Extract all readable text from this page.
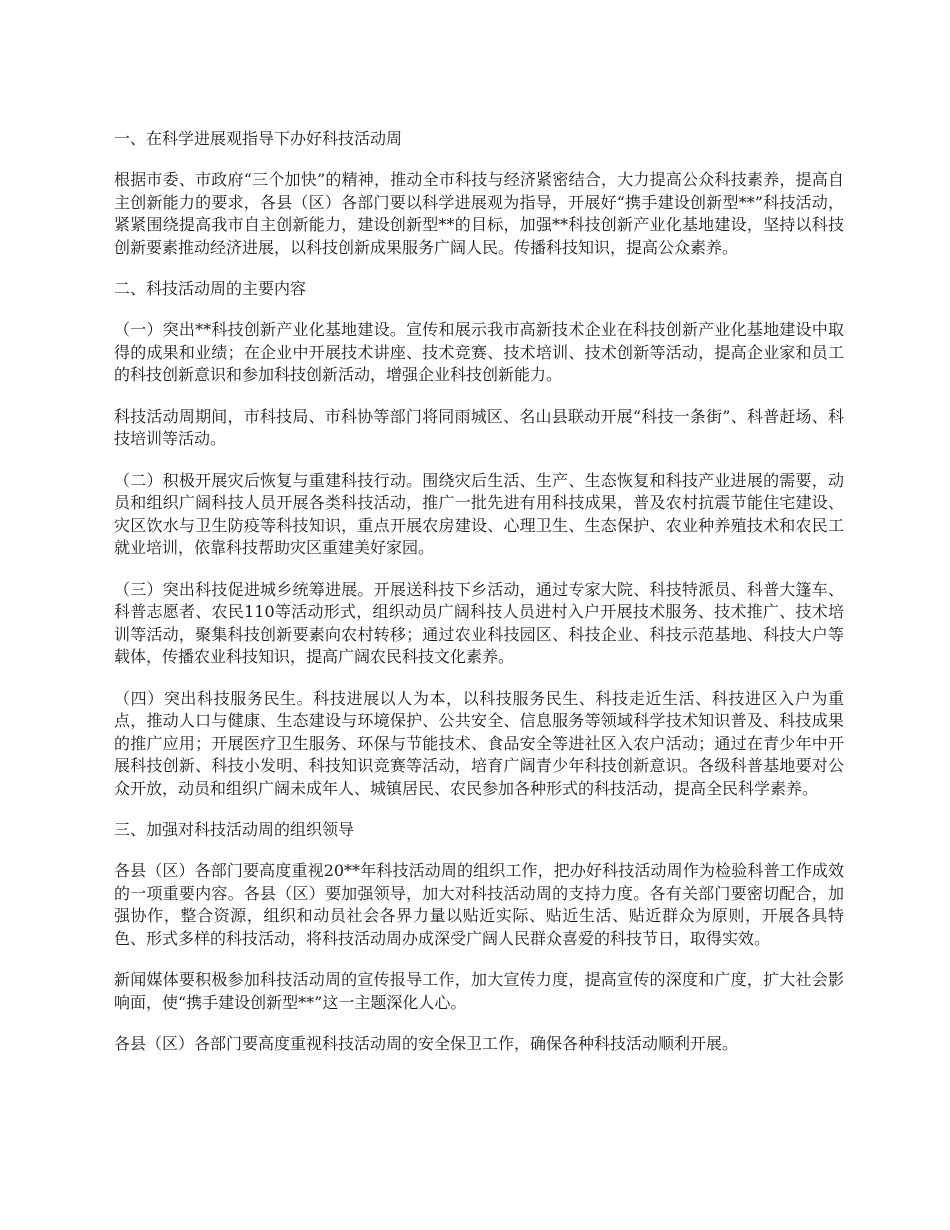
一、在科学进展观指导下办好科技活动周
根据市委、市政府“三个加快”的精神，推动全市科技与经济紧密结合，大力提高公众科技素养，提高自主创新能力的要求，各县（区）各部门要以科学进展观为指导，开展好“携手建设创新型**”科技活动，紧紧围绕提高我市自主创新能力，建设创新型**的目标，加强**科技创新产业化基地建设，坚持以科技创新要素推动经济进展，以科技创新成果服务广阔人民。传播科技知识，提高公众素养。
二、科技活动周的主要内容
（一）突出**科技创新产业化基地建设。宣传和展示我市高新技术企业在科技创新产业化基地建设中取得的成果和业绩；在企业中开展技术讲座、技术竞赛、技术培训、技术创新等活动，提高企业家和员工的科技创新意识和参加科技创新活动，增强企业科技创新能力。
科技活动周期间，市科技局、市科协等部门将同雨城区、名山县联动开展“科技一条街”、科普赶场、科技培训等活动。
（二）积极开展灾后恢复与重建科技行动。围绕灾后生活、生产、生态恢复和科技产业进展的需要，动员和组织广阔科技人员开展各类科技活动，推广一批先进有用科技成果，普及农村抗震节能住宅建设、灾区饮水与卫生防疫等科技知识，重点开展农房建设、心理卫生、生态保护、农业种养殖技术和农民工就业培训，依靠科技帮助灾区重建美好家园。
（三）突出科技促进城乡统筹进展。开展送科技下乡活动，通过专家大院、科技特派员、科普大篷车、科普志愿者、农民110等活动形式，组织动员广阔科技人员进村入户开展技术服务、技术推广、技术培训等活动，聚集科技创新要素向农村转移；通过农业科技园区、科技企业、科技示范基地、科技大户等载体，传播农业科技知识，提高广阔农民科技文化素养。
（四）突出科技服务民生。科技进展以人为本，以科技服务民生、科技走近生活、科技进区入户为重点，推动人口与健康、生态建设与环境保护、公共安全、信息服务等领域科学技术知识普及、科技成果的推广应用；开展医疗卫生服务、环保与节能技术、食品安全等进社区入农户活动；通过在青少年中开展科技创新、科技小发明、科技知识竞赛等活动，培育广阔青少年科技创新意识。各级科普基地要对公众开放，动员和组织广阔未成年人、城镇居民、农民参加各种形式的科技活动，提高全民科学素养。
三、加强对科技活动周的组织领导
各县（区）各部门要高度重视20**年科技活动周的组织工作，把办好科技活动周作为检验科普工作成效的一项重要内容。各县（区）要加强领导，加大对科技活动周的支持力度。各有关部门要密切配合，加强协作，整合资源，组织和动员社会各界力量以贴近实际、贴近生活、贴近群众为原则，开展各具特色、形式多样的科技活动，将科技活动周办成深受广阔人民群众喜爱的科技节日，取得实效。
新闻媒体要积极参加科技活动周的宣传报导工作，加大宣传力度，提高宣传的深度和广度，扩大社会影响面，使“携手建设创新型**”这一主题深化人心。
各县（区）各部门要高度重视科技活动周的安全保卫工作，确保各种科技活动顺利开展。
